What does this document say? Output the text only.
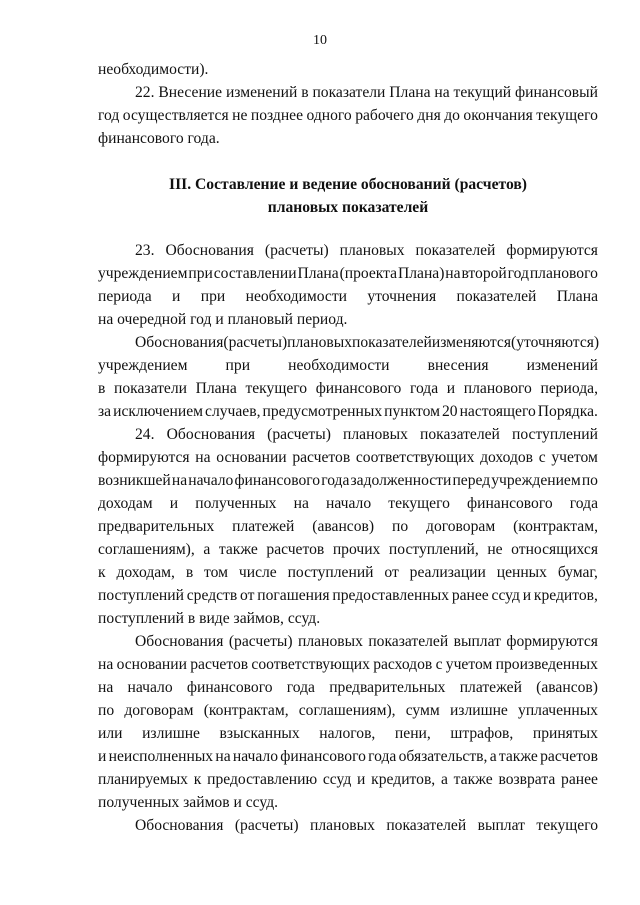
10
III. Составление и ведение обоснований (расчетов)
плановых показателей
необходимости).
22. Внесение изменений в показатели Плана на текущий финансовый
год осуществляется не позднее одного рабочего дня до окончания текущего
финансового года.
23. Обоснования (расчеты) плановых показателей формируются
учреждением при составлении Плана (проекта Плана) на второй год планового
периода и при необходимости уточнения показателей Плана
на очередной год и плановый период.
Обоснования (расчеты) плановых показателей изменяются (уточняются)
учреждением при необходимости внесения изменений
в показатели Плана текущего финансового года и планового периода,
за исключением случаев, предусмотренных пунктом 20 настоящего Порядка.
24. Обоснования (расчеты) плановых показателей поступлений
формируются на основании расчетов соответствующих доходов с учетом
возникшей на начало финансового года задолженности перед учреждением по
доходам и полученных на начало текущего финансового года
предварительных платежей (авансов) по договорам (контрактам,
соглашениям), а также расчетов прочих поступлений, не относящихся
к доходам, в том числе поступлений от реализации ценных бумаг,
поступлений средств от погашения предоставленных ранее ссуд и кредитов,
поступлений в виде займов, ссуд.
Обоснования (расчеты) плановых показателей выплат формируются
на основании расчетов соответствующих расходов с учетом произведенных
на начало финансового года предварительных платежей (авансов)
по договорам (контрактам, соглашениям), сумм излишне уплаченных
или излишне взысканных налогов, пени, штрафов, принятых
и неисполненных на начало финансового года обязательств, а также расчетов
планируемых к предоставлению ссуд и кредитов, а также возврата ранее
полученных займов и ссуд.
Обоснования (расчеты) плановых показателей выплат текущего
